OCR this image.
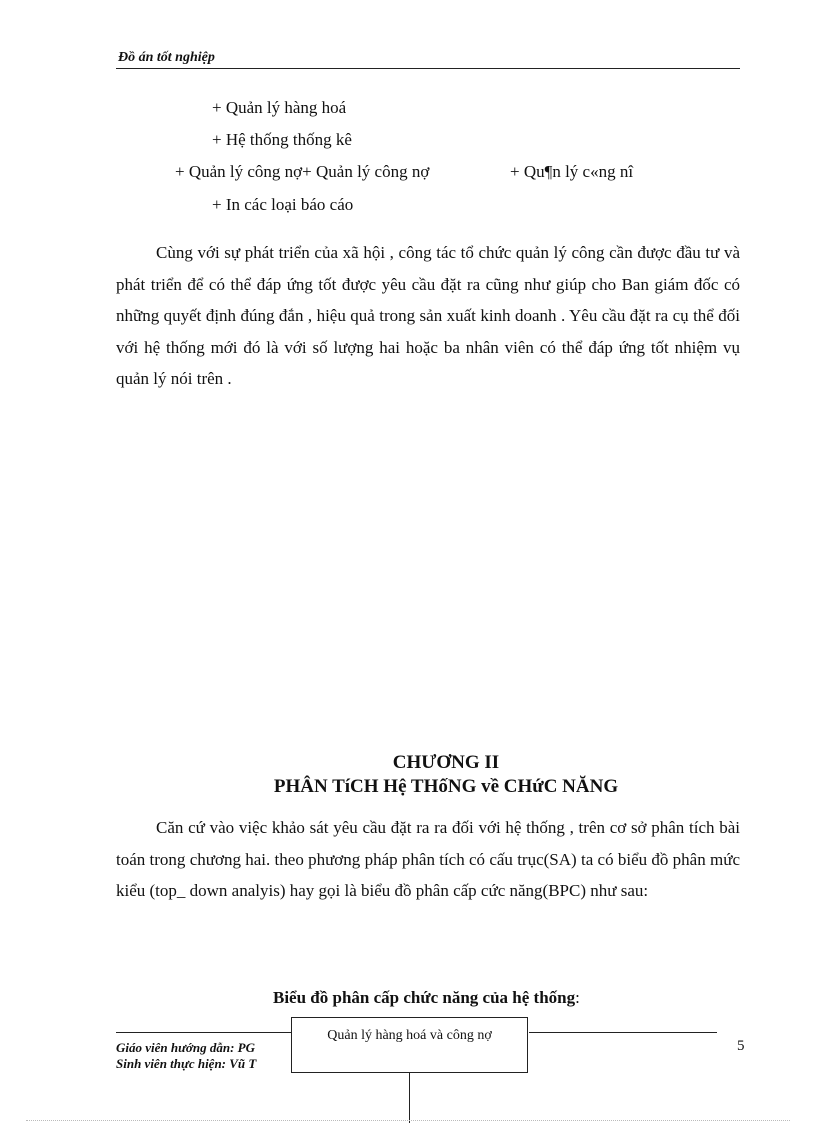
Đồ án tốt nghiệp
+ Quản lý hàng hoá
+ Hệ thống thống kê
+ Quản lý công nợ+ Quản lý công nợ	+ Qu¶n lý c«ng nî
+ In các loại báo cáo
Cùng với sự phát triển của xã hội , công tác tổ chức quản lý công cần được đầu tư và phát triển để có thể đáp ứng tốt được yêu cầu đặt ra cũng như giúp cho Ban giám đốc có những quyết định đúng đắn , hiệu quả trong sản xuất kinh doanh . Yêu cầu đặt ra cụ thể đối với hệ thống mới đó là với số lượng hai hoặc ba nhân viên có thể đáp ứng tốt nhiệm vụ quản lý nói trên .
CHƯƠNG II
PHÂN TíCH Hệ THốNG về CHứC NĂNG
Căn cứ vào việc khảo sát yêu cầu đặt ra ra đối với hệ thống , trên cơ sở phân tích bài toán trong chương hai. theo phương pháp phân tích có cấu trục(SA) ta có biểu đồ phân mức kiểu (top_ down analyis) hay gọi là biểu đồ phân cấp cức năng(BPC) như sau:
Biểu đồ phân cấp chức năng của hệ thống:
Giáo viên hướng dẫn: PG
Sinh viên thực hiện: Vũ T
5
Quản lý hàng hoá và công nợ
